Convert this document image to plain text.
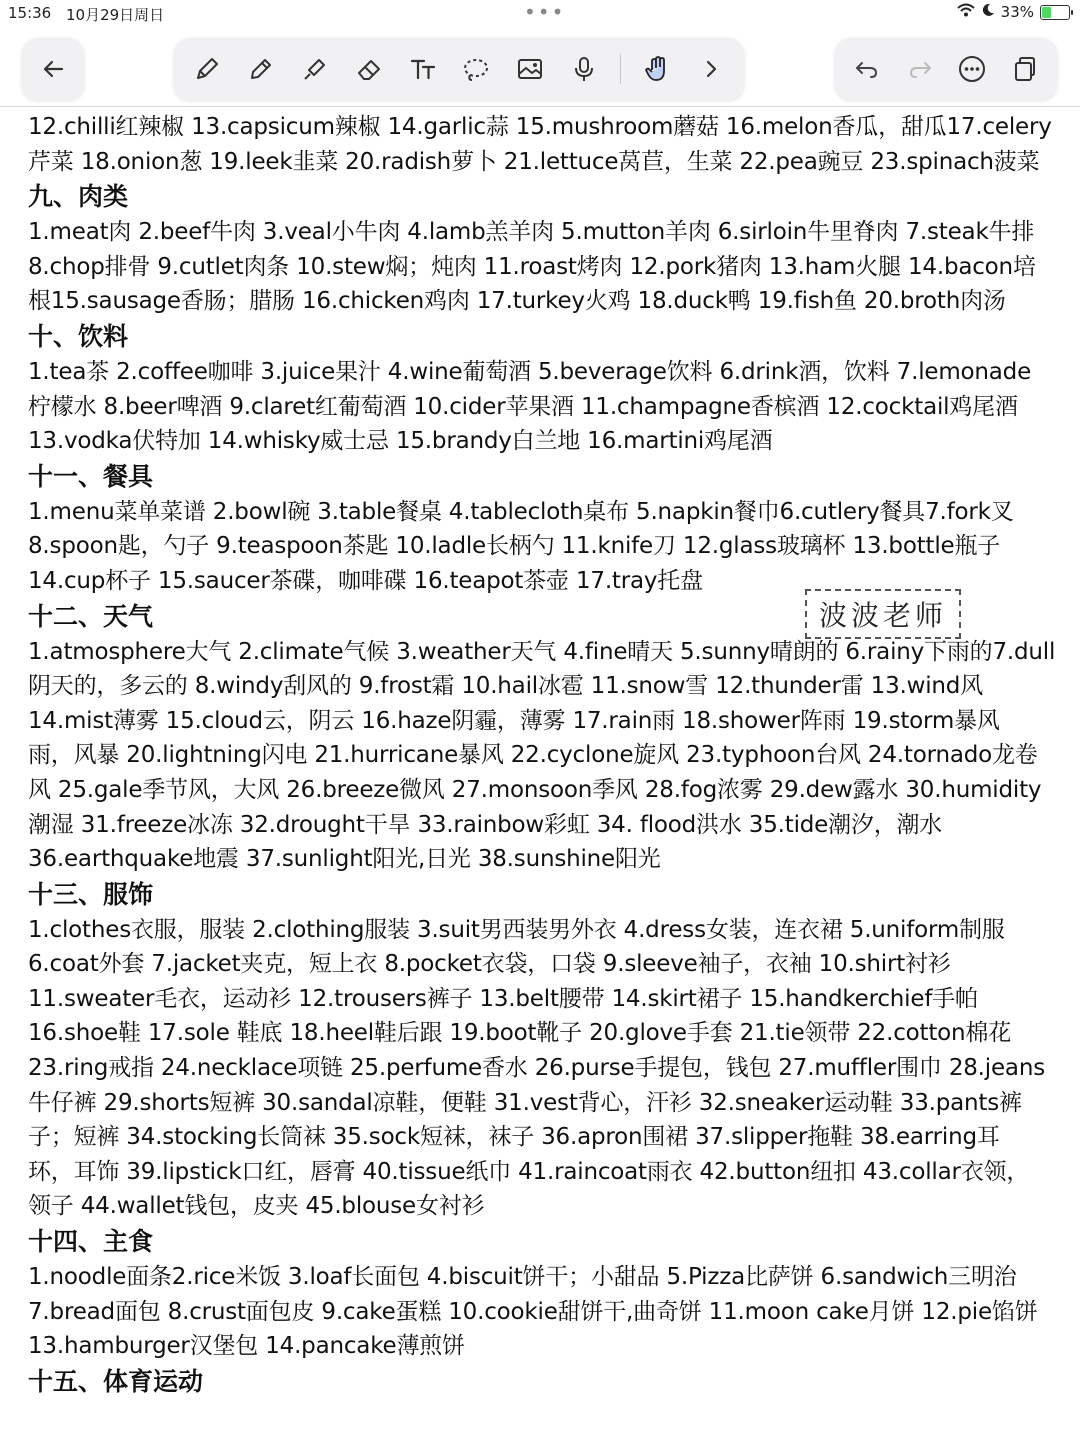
15:36 10月29日周日	•••	33%
12.chilli红辣椒 13.capsicum辣椒 14.garlic蒜 15.mushroom蘑菇 16.melon香瓜，甜瓜17.celery
芹菜 18.onion葱 19.leek韭菜 20.radish萝卜 21.lettuce莴苣，生菜 22.pea豌豆 23.spinach菠菜
九、肉类
1.meat肉 2.beef牛肉 3.veal小牛肉 4.lamb羔羊肉 5.mutton羊肉 6.sirloin牛里脊肉 7.steak牛排
8.chop排骨 9.cutlet肉条 10.stew焖；炖肉 11.roast烤肉 12.pork猪肉 13.ham火腿 14.bacon培
根15.sausage香肠；腊肠 16.chicken鸡肉 17.turkey火鸡 18.duck鸭 19.fish鱼 20.broth肉汤
十、饮料
1.tea茶 2.coffee咖啡 3.juice果汁 4.wine葡萄酒 5.beverage饮料 6.drink酒，饮料 7.lemonade
柠檬水 8.beer啤酒 9.claret红葡萄酒 10.cider苹果酒 11.champagne香槟酒 12.cocktail鸡尾酒
13.vodka伏特加 14.whisky威士忌 15.brandy白兰地 16.martini鸡尾酒
十一、餐具
1.menu菜单菜谱 2.bowl碗 3.table餐桌 4.tablecloth桌布 5.napkin餐巾6.cutlery餐具7.fork叉
8.spoon匙，勺子 9.teaspoon茶匙 10.ladle长柄勺 11.knife刀 12.glass玻璃杯 13.bottle瓶子
14.cup杯子 15.saucer茶碟，咖啡碟 16.teapot茶壶 17.tray托盘
十二、天气
1.atmosphere大气 2.climate气候 3.weather天气 4.fine晴天 5.sunny晴朗的 6.rainy下雨的7.dull
阴天的，多云的 8.windy刮风的 9.frost霜 10.hail冰雹 11.snow雪 12.thunder雷 13.wind风
14.mist薄雾 15.cloud云，阴云 16.haze阴霾，薄雾 17.rain雨 18.shower阵雨 19.storm暴风
雨，风暴 20.lightning闪电 21.hurricane暴风 22.cyclone旋风 23.typhoon台风 24.tornado龙卷
风 25.gale季节风，大风 26.breeze微风 27.monsoon季风 28.fog浓雾 29.dew露水 30.humidity
潮湿 31.freeze冰冻 32.drought干旱 33.rainbow彩虹 34. flood洪水 35.tide潮汐，潮水
36.earthquake地震 37.sunlight阳光,日光 38.sunshine阳光
十三、服饰
1.clothes衣服，服装 2.clothing服装 3.suit男西装男外衣 4.dress女装，连衣裙 5.uniform制服
6.coat外套 7.jacket夹克，短上衣 8.pocket衣袋，口袋 9.sleeve袖子，衣袖 10.shirt衬衫
11.sweater毛衣，运动衫 12.trousers裤子 13.belt腰带 14.skirt裙子 15.handkerchief手帕
16.shoe鞋 17.sole 鞋底 18.heel鞋后跟 19.boot靴子 20.glove手套 21.tie领带 22.cotton棉花
23.ring戒指 24.necklace项链 25.perfume香水 26.purse手提包，钱包 27.muffler围巾 28.jeans
牛仔裤 29.shorts短裤 30.sandal凉鞋，便鞋 31.vest背心，汗衫 32.sneaker运动鞋 33.pants裤
子；短裤 34.stocking长筒袜 35.sock短袜，袜子 36.apron围裙 37.slipper拖鞋 38.earring耳
环，耳饰 39.lipstick口红，唇膏 40.tissue纸巾 41.raincoat雨衣 42.button纽扣 43.collar衣领，
领子 44.wallet钱包，皮夹 45.blouse女衬衫
十四、主食
1.noodle面条2.rice米饭 3.loaf长面包 4.biscuit饼干；小甜品 5.Pizza比萨饼 6.sandwich三明治
7.bread面包 8.crust面包皮 9.cake蛋糕 10.cookie甜饼干,曲奇饼 11.moon cake月饼 12.pie馅饼
13.hamburger汉堡包 14.pancake薄煎饼
十五、体育运动
波波老师
